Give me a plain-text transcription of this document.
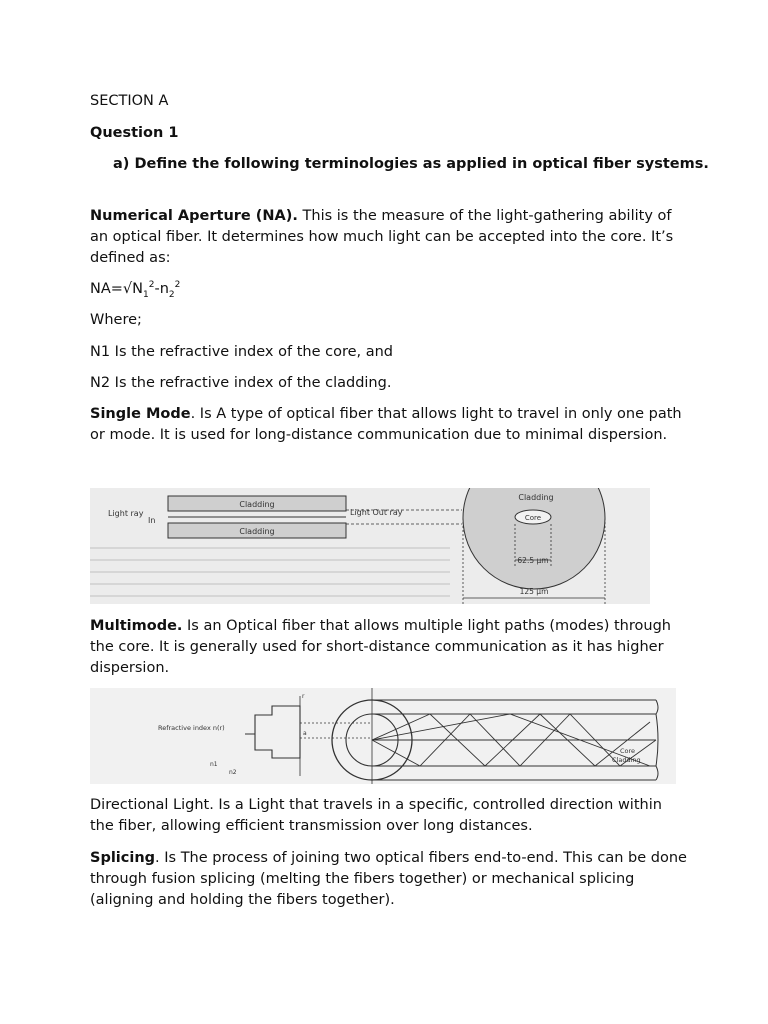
SECTION A

Question 1

a) Define the following terminologies as applied in optical fiber systems.

Numerical Aperture (NA). This is the measure of the light-gathering ability of an optical fiber. It determines how much light can be accepted into the core. It’s defined as:

$NA=√N_1^2-n_2^2$

Where;

N1 Is the refractive index of the core, and

N2 Is the refractive index of the cladding.

Single Mode. Is A type of optical fiber that allows light to travel in only one path or mode. It is used for long-distance communication due to minimal dispersion.

Cladding
Cladding
Light ray
In
Light Out ray
Cladding
Core
62.5 µm
125 µm

Multimode. Is an Optical fiber that allows multiple light paths (modes) through the core. It is generally used for short-distance communication as it has higher dispersion.

Refractive index n(r)
r
a
n1
n2
Core
Cladding

Directional Light. Is a Light that travels in a specific, controlled direction within the fiber, allowing efficient transmission over long distances.

Splicing. Is The process of joining two optical fibers end-to-end. This can be done through fusion splicing (melting the fibers together) or mechanical splicing (aligning and holding the fibers together).
